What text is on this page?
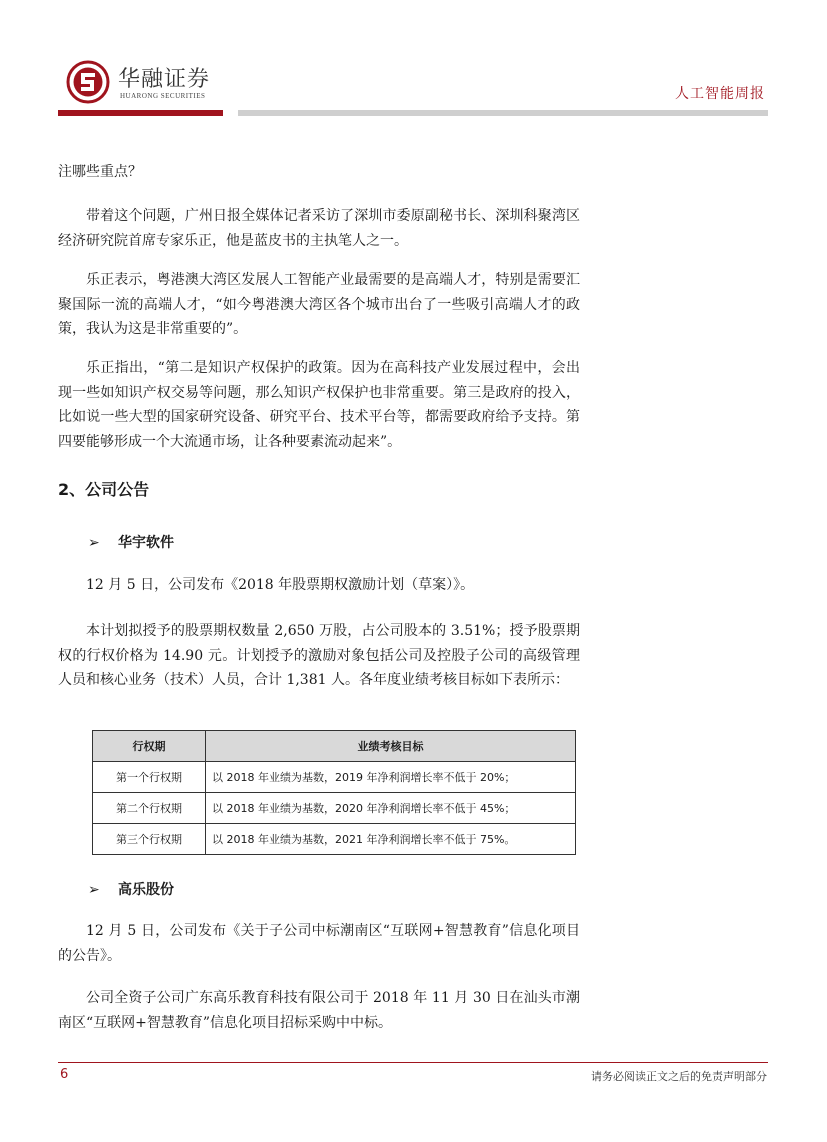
华融证券
HUARONG SECURITIES	人工智能周报

注哪些重点？

带着这个问题，广州日报全媒体记者采访了深圳市委原副秘书长、深圳科聚湾区经济研究院首席专家乐正，他是蓝皮书的主执笔人之一。

乐正表示，粤港澳大湾区发展人工智能产业最需要的是高端人才，特别是需要汇聚国际一流的高端人才，“如今粤港澳大湾区各个城市出台了一些吸引高端人才的政策，我认为这是非常重要的”。

乐正指出，“第二是知识产权保护的政策。因为在高科技产业发展过程中，会出现一些如知识产权交易等问题，那么知识产权保护也非常重要。第三是政府的投入，比如说一些大型的国家研究设备、研究平台、技术平台等，都需要政府给予支持。第四要能够形成一个大流通市场，让各种要素流动起来”。

2、公司公告
➢ 华宇软件

12 月 5 日，公司发布《2018 年股票期权激励计划（草案）》。

本计划拟授予的股票期权数量 2,650 万股，占公司股本的 3.51%；授予股票期权的行权价格为 14.90 元。计划授予的激励对象包括公司及控股子公司的高级管理人员和核心业务（技术）人员，合计 1,381 人。各年度业绩考核目标如下表所示：

行权期	业绩考核目标
第一个行权期	以 2018 年业绩为基数，2019 年净利润增长率不低于 20%；
第二个行权期	以 2018 年业绩为基数，2020 年净利润增长率不低于 45%；
第三个行权期	以 2018 年业绩为基数，2021 年净利润增长率不低于 75%。
➢ 高乐股份

12 月 5 日，公司发布《关于子公司中标潮南区“互联网+智慧教育”信息化项目的公告》。

公司全资子公司广东高乐教育科技有限公司于 2018 年 11 月 30 日在汕头市潮南区“互联网+智慧教育”信息化项目招标采购中中标。

6	请务必阅读正文之后的免责声明部分
